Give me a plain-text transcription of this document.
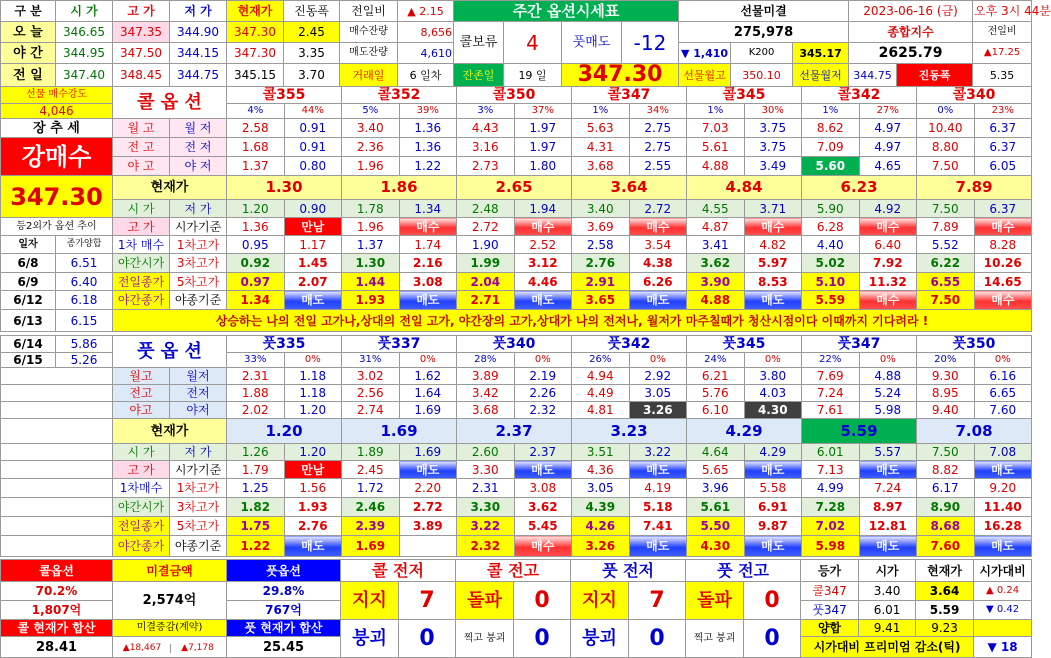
구 분	시 가	고 가	저 가	현재가	진동폭	전일비	▲ 2.15	주간 옵션시세표				선물미결			2023-06-16 (금)		오후 3시 44분
오 늘	346.65	347.35	344.90	347.30	2.45	매수잔량	8,656	콜보류	4	풋매도	-12	275,978			종합지수		전일비
야 간	344.95	347.50	344.15	347.30	3.35	매도잔량	4,610					▼ 1,410	K200	345.17	2625.79		▲17.25
전 일	347.40	348.45	344.75	345.15	3.70	거래일	6 일차	잔존일	19 일	347.30		선물월고	350.10	선물월저	344.75	진동폭	5.35
선물 매수강도		콜 옵 션		콜355		콜352		콜350		콜347		콜345		콜342		콜340	
4,046				4%	44%	5%	39%	3%	37%	1%	34%	1%	30%	1%	27%	0%	23%
장 추 세		월 고	월 저	2.58	0.91	3.40	1.36	4.43	1.97	5.63	2.75	7.03	3.75	8.62	4.97	10.40	6.37
강매수		전 고	전 저	1.68	0.91	2.36	1.36	3.16	1.97	4.31	2.75	5.61	3.75	7.09	4.97	8.80	6.37
		야 고	야 저	1.37	0.80	1.96	1.22	2.73	1.80	3.68	2.55	4.88	3.49	5.60	4.65	7.50	6.05
347.30		현재가		1.30		1.86		2.65		3.64		4.84		6.23		7.89	
		시 가	저 가	1.20	0.90	1.78	1.34	2.48	1.94	3.40	2.72	4.55	3.71	5.90	4.92	7.50	6.37
등2외가 옵션 추이		고 가	시가기준	1.36	만남	1.96	매수	2.72	매수	3.69	매수	4.87	매수	6.28	매수	7.89	매수
일자	종가양합	1차 매수	1차고가	0.95	1.17	1.37	1.74	1.90	2.52	2.58	3.54	3.41	4.82	4.40	6.40	5.52	8.28
6/8	6.51	야간시가	3차고가	0.92	1.45	1.30	2.16	1.99	3.12	2.76	4.38	3.62	5.97	5.02	7.92	6.22	10.26
6/9	6.40	전일종가	5차고가	0.97	2.07	1.44	3.08	2.04	4.46	2.91	6.26	3.90	8.53	5.10	11.32	6.55	14.65
6/12	6.18	야간종가	야종기준	1.34	매도	1.93	매도	2.71	매도	3.65	매도	4.88	매도	5.59	매수	7.50	매수
6/13	6.15	상승하는 나의 전일 고가나,상대의 전일 고가, 야간장의 고가,상대가 나의 전저나, 월저가 마주칠때가 청산시점이다 이때까지 기다려라 !															
6/14	5.86	풋 옵 션		풋335		풋337		풋340		풋342		풋345		풋347		풋350	
6/15	5.26			33%	0%	31%	0%	28%	0%	26%	0%	24%	0%	22%	0%	20%	0%
		월고	월저	2.31	1.18	3.02	1.62	3.89	2.19	4.94	2.92	6.21	3.80	7.69	4.88	9.30	6.16
		전고	전저	1.88	1.18	2.56	1.64	3.42	2.26	4.49	3.05	5.76	4.03	7.24	5.24	8.95	6.65
		야고	야저	2.02	1.20	2.74	1.69	3.68	2.32	4.81	3.26	6.10	4.30	7.61	5.98	9.40	7.60
		현재가		1.20		1.69		2.37		3.23		4.29		5.59		7.08	
		시 가	저 가	1.26	1.20	1.89	1.69	2.60	2.37	3.51	3.22	4.64	4.29	6.01	5.57	7.50	7.08
		고 가	시가기준	1.79	만남	2.45	매도	3.30	매도	4.36	매도	5.65	매도	7.13	매도	8.82	매도
		1차매수	1차고가	1.25	1.56	1.72	2.20	2.31	3.08	3.05	4.19	3.96	5.58	4.99	7.24	6.17	9.20
		야간시가	3차고가	1.82	1.93	2.46	2.72	3.30	3.62	4.39	5.18	5.61	6.91	7.28	8.97	8.90	11.40
		전일종가	5차고가	1.75	2.76	2.39	3.89	3.22	5.45	4.26	7.41	5.50	9.87	7.02	12.81	8.68	16.28
		야간종가	야종기준	1.22	매도	1.69		2.32	매수	3.26	매도	4.30	매도	5.98	매도	7.60	매도
콜옵션	미결금액	풋옵션	콜 전저		콜 전고		풋 전저		풋 전고		등가	시가	현재가	시가대비
70.2%	2,574억	29.8%	지지	7	돌파	0	지지	7	돌파	0	콜347	3.40	3.64	▲ 0.24
1,807억		767억									풋347	6.01	5.59	▼ 0.42
콜 현재가 합산	미결증감(계약)	풋 현재가 합산	붕괴	0	찍고 붕괴	0	붕괴	0	찍고 붕괴	0	양합	9.41	9.23	
28.41	▲18,467 ▲7,178	25.45									시가대비 프리미엄 감소(틱)			▼ 18
